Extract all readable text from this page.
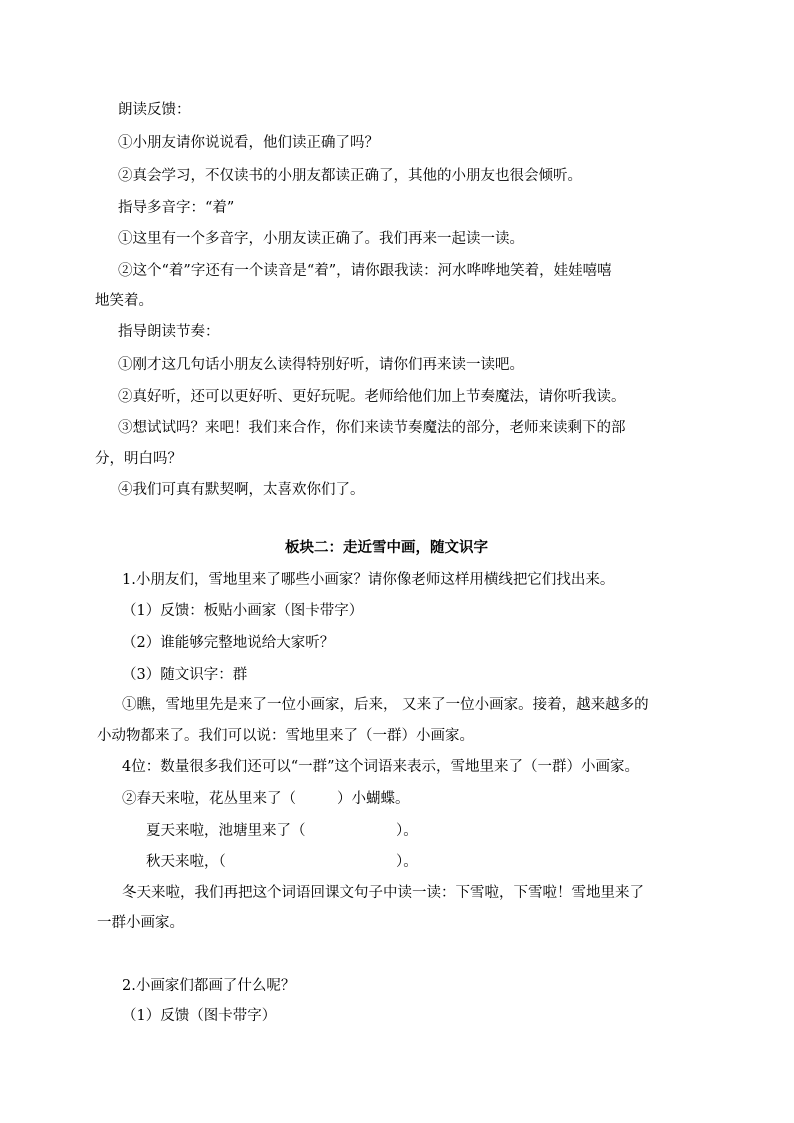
朗读反馈：
①小朋友请你说说看，他们读正确了吗？
②真会学习，不仅读书的小朋友都读正确了，其他的小朋友也很会倾听。
指导多音字：“着”
①这里有一个多音字，小朋友读正确了。我们再来一起读一读。
②这个“着”字还有一个读音是“着”，请你跟我读：河水哗哗地笑着，娃娃嘻嘻
地笑着。
指导朗读节奏：
①刚才这几句话小朋友么读得特别好听，请你们再来读一读吧。
②真好听，还可以更好听、更好玩呢。老师给他们加上节奏魔法，请你听我读。
③想试试吗？来吧！我们来合作，你们来读节奏魔法的部分，老师来读剩下的部
分，明白吗？
④我们可真有默契啊，太喜欢你们了。
板块二：走近雪中画，随文识字
1.小朋友们，雪地里来了哪些小画家？请你像老师这样用横线把它们找出来。
（1）反馈：板贴小画家（图卡带字）
（2）谁能够完整地说给大家听？
（3）随文识字：群
①瞧，雪地里先是来了一位小画家，后来， 又来了一位小画家。接着，越来越多的
小动物都来了。我们可以说：雪地里来了（一群）小画家。
4位：数量很多我们还可以“一群”这个词语来表示，雪地里来了（一群）小画家。
②春天来啦，花丛里来了（	）小蝴蝶。
夏天来啦，池塘里来了（	）。
秋天来啦，（	）。
冬天来啦，我们再把这个词语回课文句子中读一读：下雪啦，下雪啦！雪地里来了
一群小画家。
2.小画家们都画了什么呢？
（1）反馈（图卡带字）
